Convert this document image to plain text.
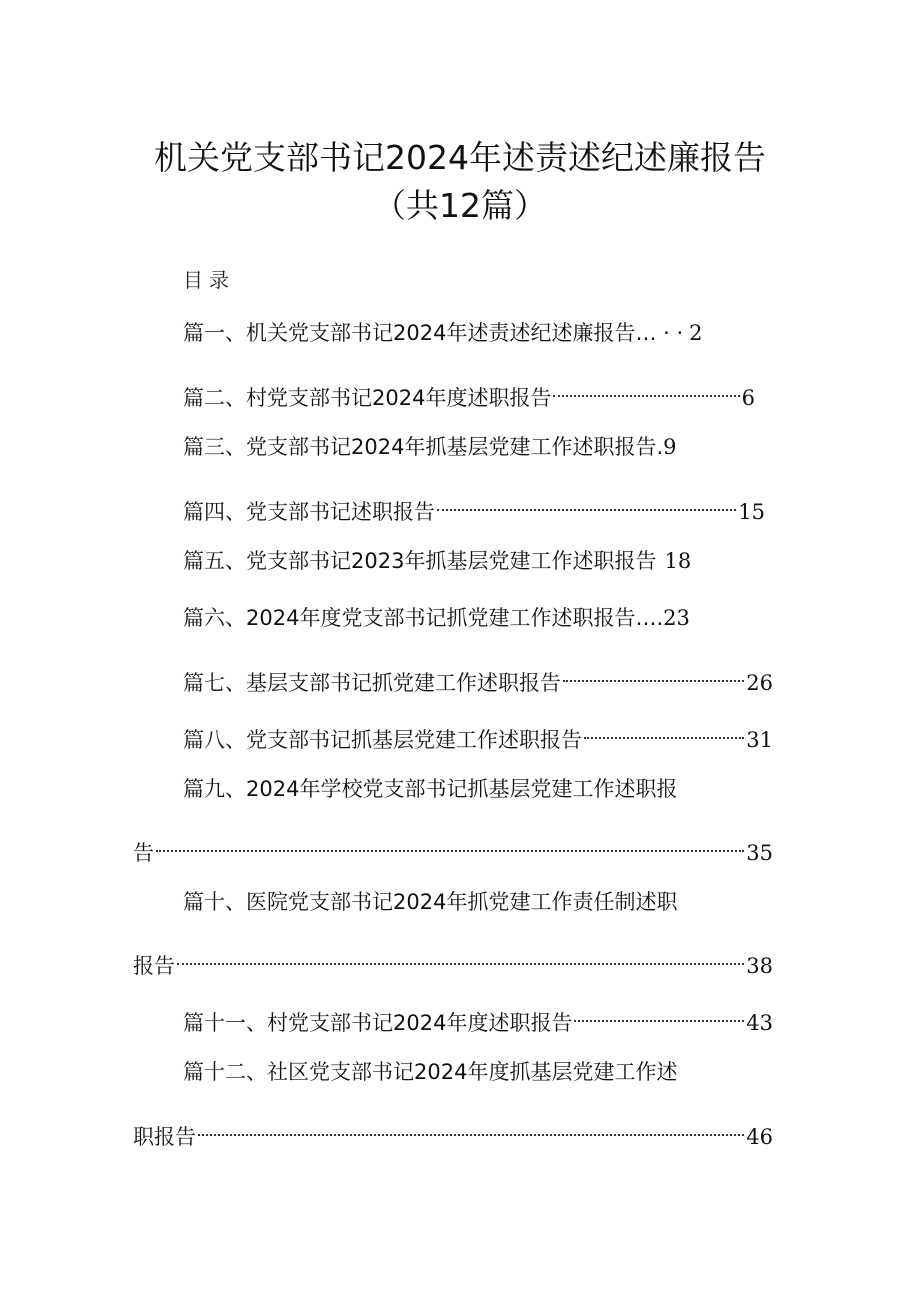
机关党支部书记2024年述责述纪述廉报告
（共12篇）
目录
篇一、机关党支部书记2024年述责述纪述廉报告… · · 2
篇二、村党支部书记2024年度述职报告	6
篇三、党支部书记2024年抓基层党建工作述职报告. 9
篇四、党支部书记述职报告	15
篇五、党支部书记2023年抓基层党建工作述职报告 18
篇六、2024年度党支部书记抓党建工作述职报告…. 23
篇七、基层支部书记抓党建工作述职报告	26
篇八、党支部书记抓基层党建工作述职报告	31
篇九、2024年学校党支部书记抓基层党建工作述职报
告	35
篇十、医院党支部书记2024年抓党建工作责任制述职
报告	38
篇十一、村党支部书记2024年度述职报告	43
篇十二、社区党支部书记2024年度抓基层党建工作述
职报告	46
